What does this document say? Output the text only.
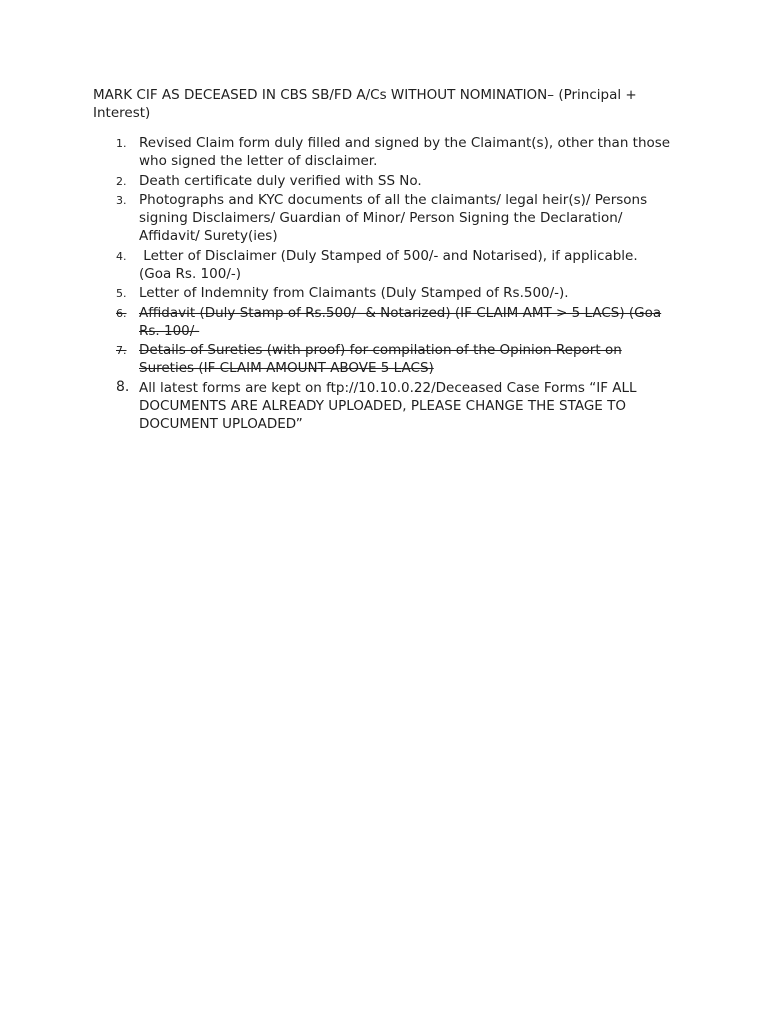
MARK CIF AS DECEASED IN CBS SB/FD A/Cs WITHOUT NOMINATION– (Principal + Interest)
1. Revised Claim form duly filled and signed by the Claimant(s), other than those who signed the letter of disclaimer.
2. Death certificate duly verified with SS No.
3. Photographs and KYC documents of all the claimants/ legal heir(s)/ Persons signing Disclaimers/ Guardian of Minor/ Person Signing the Declaration/ Affidavit/ Surety(ies)
4. Letter of Disclaimer (Duly Stamped of 500/- and Notarised), if applicable. (Goa Rs. 100/-)
5. Letter of Indemnity from Claimants (Duly Stamped of Rs.500/-).
6. Affidavit (Duly Stamp of Rs.500/- & Notarized) (IF CLAIM AMT > 5 LACS) (Goa Rs. 100/-
7. Details of Sureties (with proof) for compilation of the Opinion Report on Sureties (IF CLAIM AMOUNT ABOVE 5 LACS)
8. All latest forms are kept on ftp://10.10.0.22/Deceased Case Forms “IF ALL DOCUMENTS ARE ALREADY UPLOADED, PLEASE CHANGE THE STAGE TO DOCUMENT UPLOADED”
